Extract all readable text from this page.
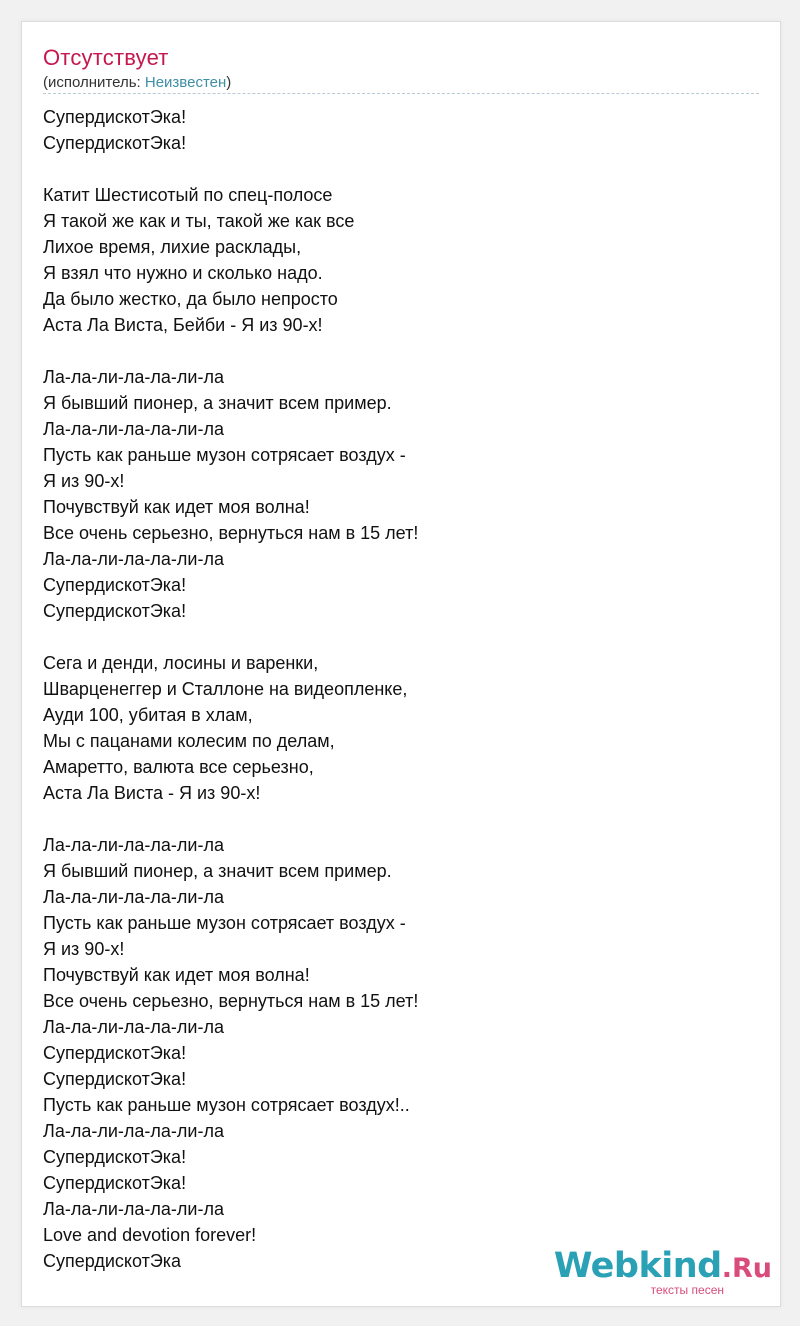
Отсутствует
(исполнитель: Неизвестен)
СупердискотЭка!
СупердискотЭка!
Катит Шестисотый по спец-полосе
Я такой же как и ты, такой же как все
Лихое время, лихие расклады,
Я взял что нужно и сколько надо.
Да было жестко, да было непросто
Аста Ла Виста, Бейби - Я из 90-х!
Ла-ла-ли-ла-ла-ли-ла
Я бывший пионер, а значит всем пример.
Ла-ла-ли-ла-ла-ли-ла
Пусть как раньше музон сотрясает воздух -
Я из 90-х!
Почувствуй как идет моя волна!
Все очень серьезно, вернуться нам в 15 лет!
Ла-ла-ли-ла-ла-ли-ла
СупердискотЭка!
СупердискотЭка!
Сега и денди, лосины и варенки,
Шварценеггер и Сталлоне на видеопленке,
Ауди 100, убитая в хлам,
Мы с пацанами колесим по делам,
Амаретто, валюта все серьезно,
Аста Ла Виста - Я из 90-х!
Ла-ла-ли-ла-ла-ли-ла
Я бывший пионер, а значит всем пример.
Ла-ла-ли-ла-ла-ли-ла
Пусть как раньше музон сотрясает воздух -
Я из 90-х!
Почувствуй как идет моя волна!
Все очень серьезно, вернуться нам в 15 лет!
Ла-ла-ли-ла-ла-ли-ла
СупердискотЭка!
СупердискотЭка!
Пусть как раньше музон сотрясает воздух!..
Ла-ла-ли-ла-ла-ли-ла
СупердискотЭка!
СупердискотЭка!
Ла-ла-ли-ла-ла-ли-ла
Love and devotion forever!
СупердискотЭка	Webkind.Ru
тексты песен
